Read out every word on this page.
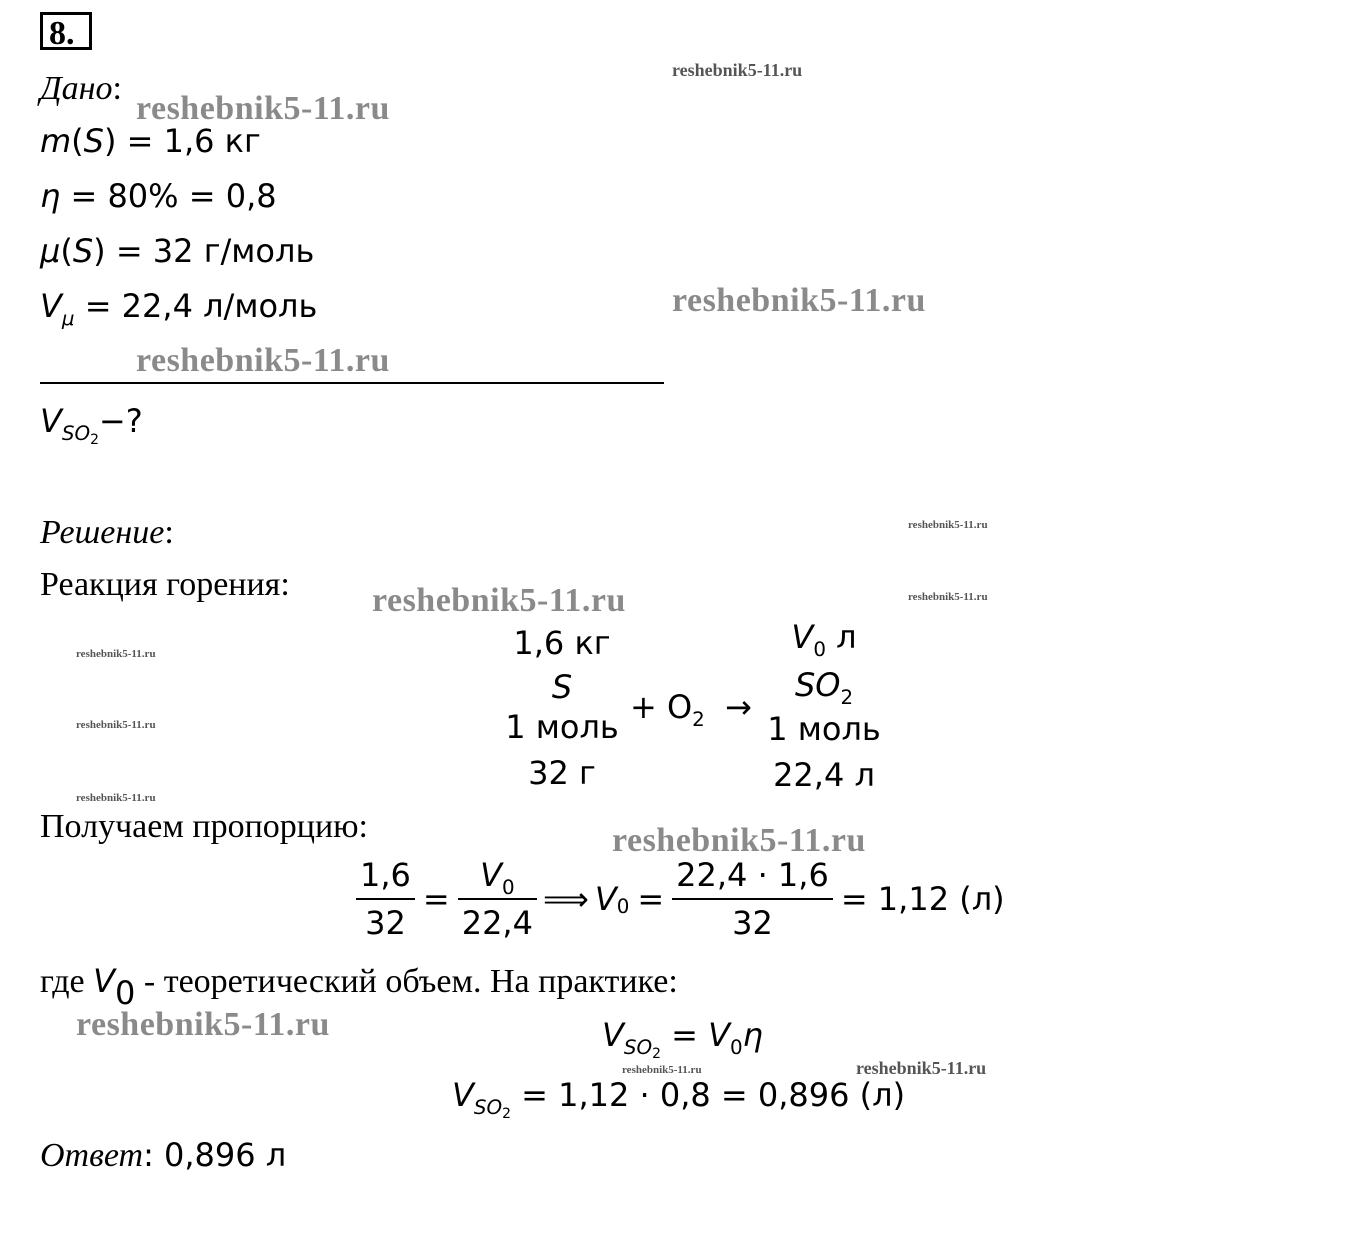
8.
reshebnik5-11.ru
reshebnik5-11.ru
reshebnik5-11.ru
reshebnik5-11.ru
reshebnik5-11.ru
reshebnik5-11.ru	reshebnik5-11.ru
reshebnik5-11.ru
reshebnik5-11.ru
reshebnik5-11.ru
reshebnik5-11.ru
reshebnik5-11.ru
reshebnik5-11.ru	reshebnik5-11.ru
Дано:
m(S) = 1,6 кг
η = 80% = 0,8
μ(S) = 32 г/моль
$V_\mu = 22,4$ л/моль
$V_{SO_2}-$?
Решение:
Реакция горения:
1,6 кг
S
1 моль
32 г
+ $O_2$ →
$V_0$ л
$SO_2$
1 моль
22,4 л
Получаем пропорцию:
$\frac{1,6}{32} = \frac{V_0}{22,4}$ ⟹ V $0 = \frac{22,4 \cdot 1,6}{32} = 1,12$ (л)
где V0 - теоретический объем. На практике:
$V_{SO_2} = V_0\eta$
$V_{SO_2} = 1,12 \cdot 0,8 = 0,896$ (л)
Ответ: 0,896 л
